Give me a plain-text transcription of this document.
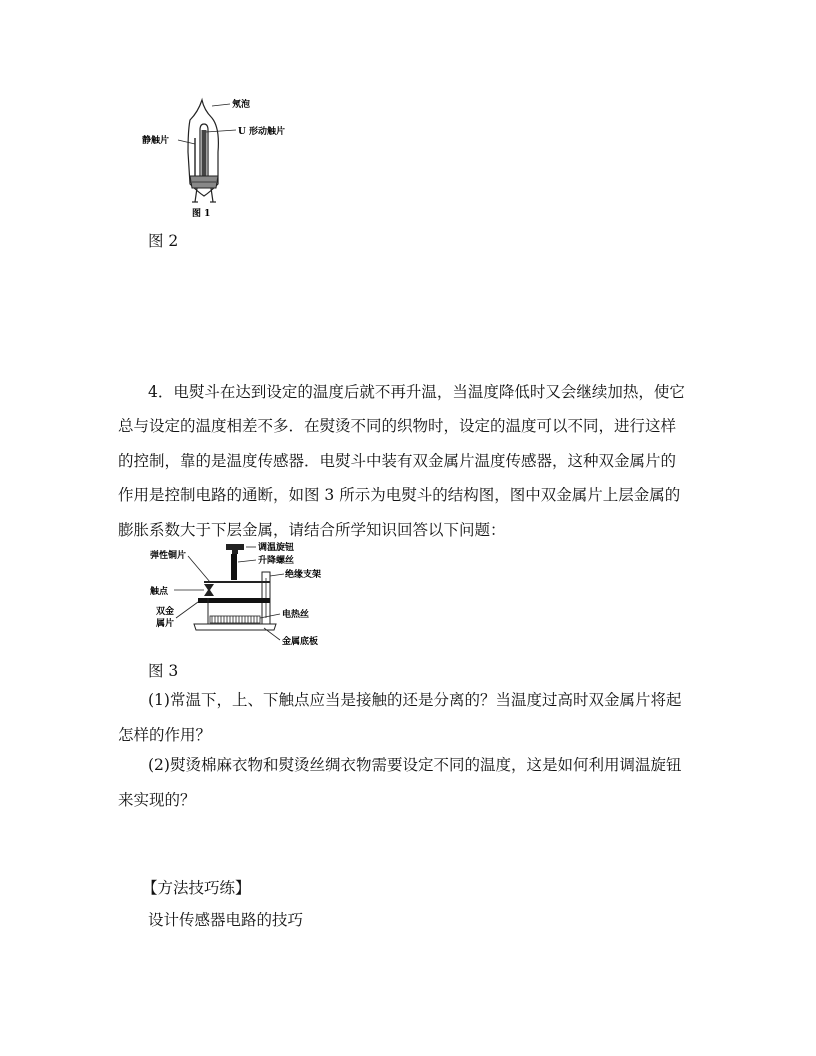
氖泡
U 形动触片
静触片
图 1
图 2
4．电熨斗在达到设定的温度后就不再升温，当温度降低时又会继续加热，使它
总与设定的温度相差不多．在熨烫不同的织物时，设定的温度可以不同，进行这样
的控制，靠的是温度传感器．电熨斗中装有双金属片温度传感器，这种双金属片的
作用是控制电路的通断，如图 3 所示为电熨斗的结构图，图中双金属片上层金属的
膨胀系数大于下层金属，请结合所学知识回答以下问题：
调温旋钮
弹性铜片	升降螺丝
绝缘支架
触点
双金
属片
电热丝
金属底板
图 3
(1)常温下，上、下触点应当是接触的还是分离的？当温度过高时双金属片将起
怎样的作用？
(2)熨烫棉麻衣物和熨烫丝绸衣物需要设定不同的温度，这是如何利用调温旋钮
来实现的？
【方法技巧练】
设计传感器电路的技巧
